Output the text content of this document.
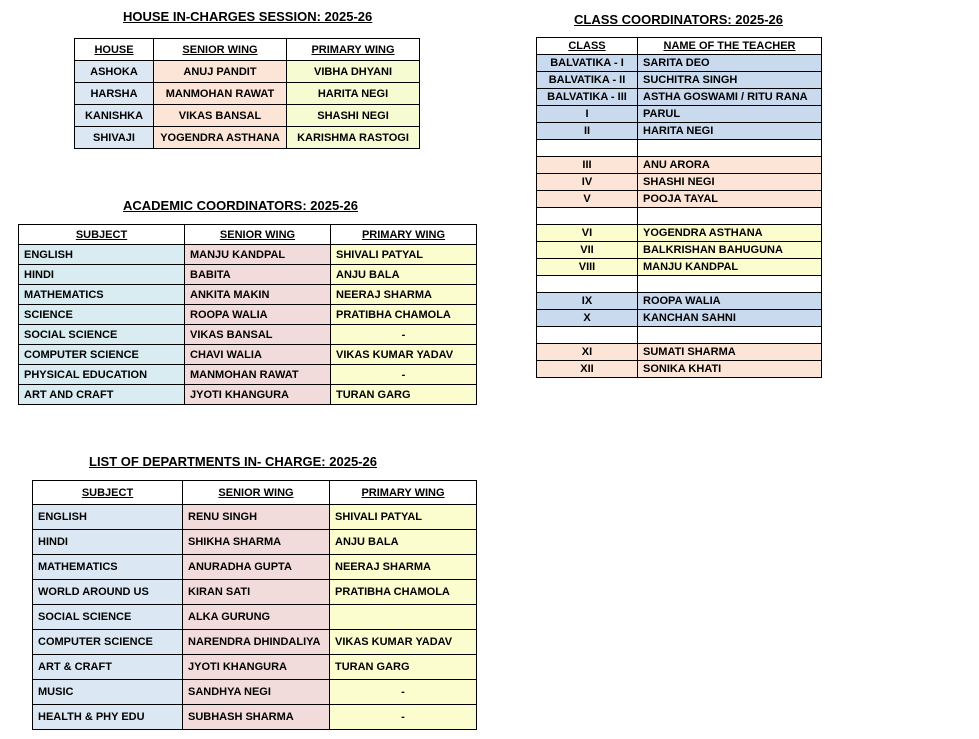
HOUSE IN-CHARGES SESSION: 2025-26
HOUSE	SENIOR WING	PRIMARY WING
ASHOKA	ANUJ PANDIT	VIBHA DHYANI
HARSHA	MANMOHAN RAWAT	HARITA NEGI
KANISHKA	VIKAS BANSAL	SHASHI NEGI
SHIVAJI	YOGENDRA ASTHANA	KARISHMA RASTOGI
ACADEMIC COORDINATORS: 2025-26
SUBJECT	SENIOR WING	PRIMARY WING
ENGLISH	MANJU KANDPAL	SHIVALI PATYAL
HINDI	BABITA	ANJU BALA
MATHEMATICS	ANKITA MAKIN	NEERAJ SHARMA
SCIENCE	ROOPA WALIA	PRATIBHA CHAMOLA
SOCIAL SCIENCE	VIKAS BANSAL	-
COMPUTER SCIENCE	CHAVI WALIA	VIKAS KUMAR YADAV
PHYSICAL EDUCATION	MANMOHAN RAWAT	-
ART AND CRAFT	JYOTI KHANGURA	TURAN GARG
LIST OF DEPARTMENTS IN- CHARGE: 2025-26
SUBJECT	SENIOR WING	PRIMARY WING
ENGLISH	RENU SINGH	SHIVALI PATYAL
HINDI	SHIKHA SHARMA	ANJU BALA
MATHEMATICS	ANURADHA GUPTA	NEERAJ SHARMA
WORLD AROUND US	KIRAN SATI	PRATIBHA CHAMOLA
SOCIAL SCIENCE	ALKA GURUNG	
COMPUTER SCIENCE	NARENDRA DHINDALIYA	VIKAS KUMAR YADAV
ART & CRAFT	JYOTI KHANGURA	TURAN GARG
MUSIC	SANDHYA NEGI	-
HEALTH & PHY EDU	SUBHASH SHARMA	-
CLASS COORDINATORS: 2025-26
CLASS	NAME OF THE TEACHER
BALVATIKA - I	SARITA DEO
BALVATIKA - II	SUCHITRA SINGH
BALVATIKA - III	ASTHA GOSWAMI / RITU RANA
I	PARUL
II	HARITA NEGI

III	ANU ARORA
IV	SHASHI NEGI
V	POOJA TAYAL

VI	YOGENDRA ASTHANA
VII	BALKRISHAN BAHUGUNA
VIII	MANJU KANDPAL

IX	ROOPA WALIA
X	KANCHAN SAHNI

XI	SUMATI SHARMA
XII	SONIKA KHATI
